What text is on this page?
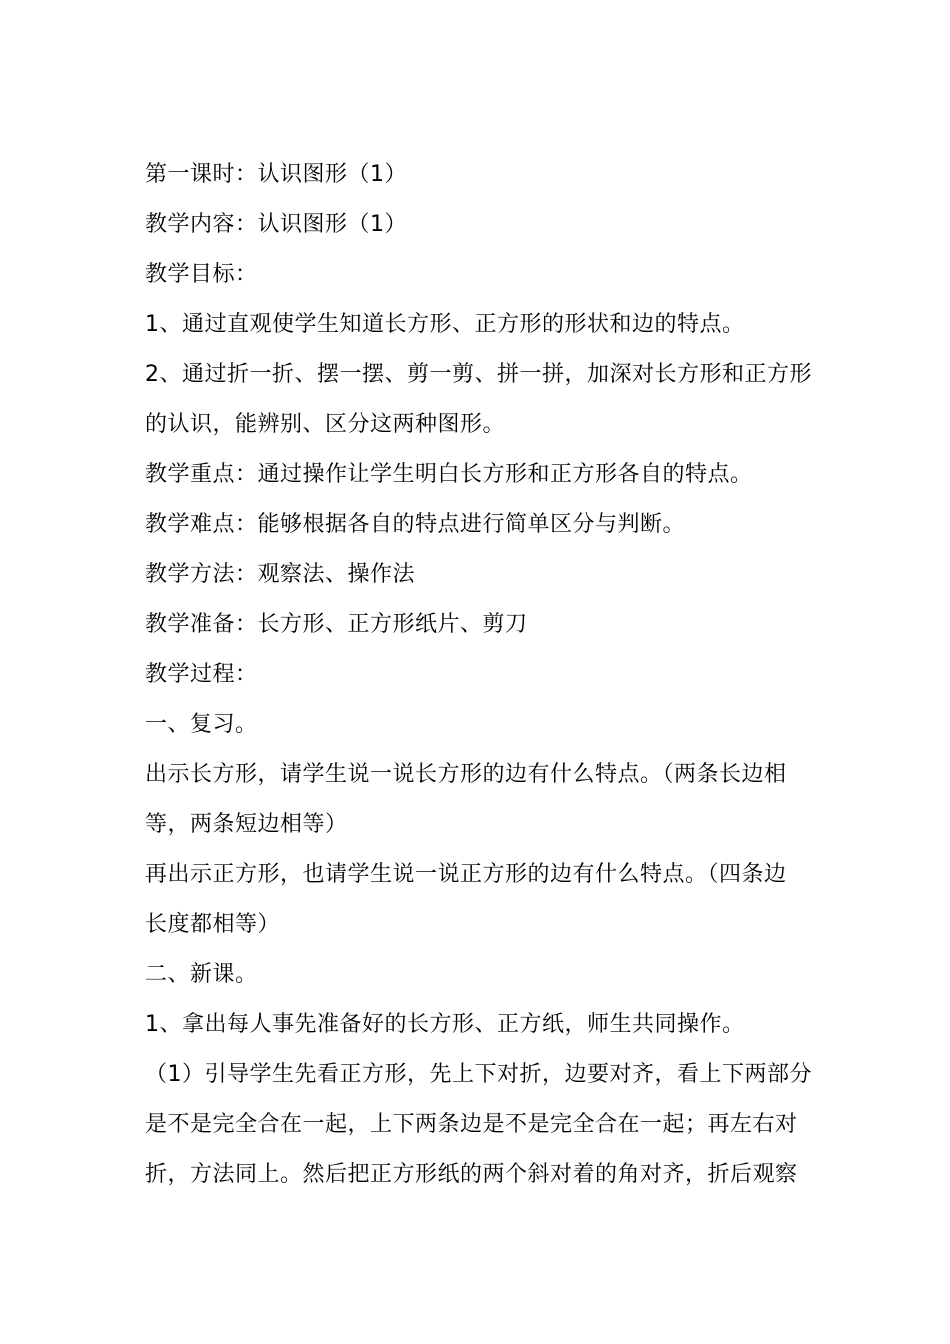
第一课时：认识图形（1）
教学内容：认识图形（1）
教学目标：
1、通过直观使学生知道长方形、正方形的形状和边的特点。
2、通过折一折、摆一摆、剪一剪、拼一拼，加深对长方形和正方形
的认识，能辨别、区分这两种图形。
教学重点：通过操作让学生明白长方形和正方形各自的特点。
教学难点：能够根据各自的特点进行简单区分与判断。
教学方法：观察法、操作法
教学准备：长方形、正方形纸片、剪刀
教学过程：
一、复习。
出示长方形，请学生说一说长方形的边有什么特点。（两条长边相
等，两条短边相等）
再出示正方形，也请学生说一说正方形的边有什么特点。（四条边
长度都相等）
二、新课。
1、拿出每人事先准备好的长方形、正方纸，师生共同操作。
（1）引导学生先看正方形，先上下对折，边要对齐，看上下两部分
是不是完全合在一起，上下两条边是不是完全合在一起；再左右对
折，方法同上。然后把正方形纸的两个斜对着的角对齐，折后观察
